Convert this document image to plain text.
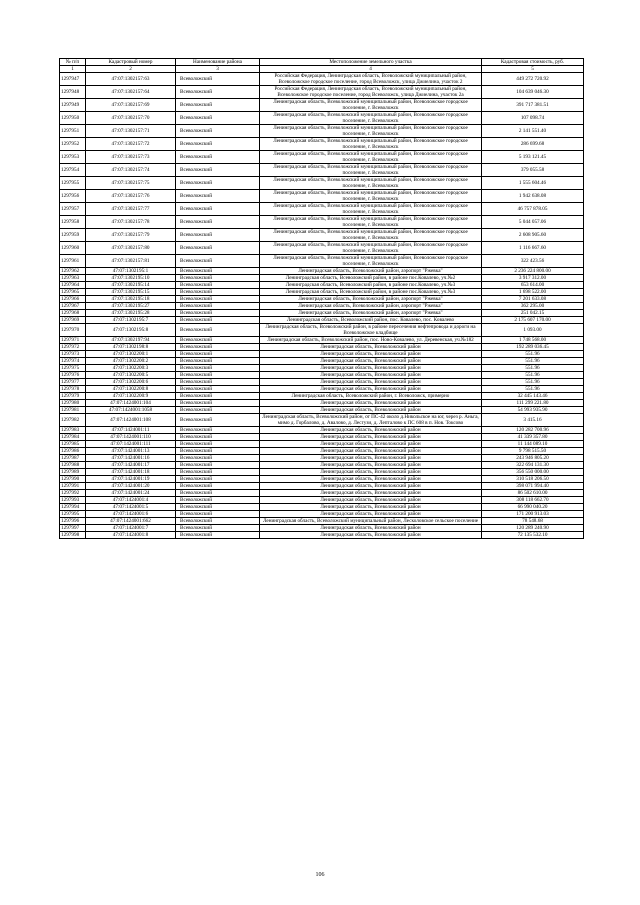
№ п/п	Кадастровый номер	Наименование района	Местоположение земельного участка	Кадастровая стоимость, руб.
1	2	3	4	5
1297947	47:07:1302157:63	Всеволожский	Российская Федерация, Ленинградская область, Всеволожский муниципальный район, Всеволожское городское поселение, город Всеволожск, улица Джиелина, участок 2	449 272 720.92
1297948	47:07:1302157:64	Всеволожский	Российская Федерация, Ленинградская область, Всеволожский муниципальный район, Всеволожское городское поселение, город Всеволожск, улица Джиелина, участок 2а	104 639 046.30
1297949	47:07:1302157:69	Всеволожский	Ленинградская область, Всеволожский муниципальный район, Всеволожское городское поселение, г. Всеволожск	391 717 381.51
1297950	47:07:1302157:70	Всеволожский	Ленинградская область, Всеволожский муниципальный район, Всеволожское городское поселение, г. Всеволожск	107 098.74
1297951	47:07:1302157:71	Всеволожский	Ленинградская область, Всеволожский муниципальный район, Всеволожское городское поселение, г. Всеволожск	2 141 551.40
1297952	47:07:1302157:72	Всеволожский	Ленинградская область, Всеволожский муниципальный район, Всеволожское городское поселение, г. Всеволожск	286 699.68
1297953	47:07:1302157:73	Всеволожский	Ленинградская область, Всеволожский муниципальный район, Всеволожское городское поселение, г. Всеволожск	5 193 121.45
1297954	47:07:1302157:74	Всеволожский	Ленинградская область, Всеволожский муниципальный район, Всеволожское городское поселение, г. Всеволожск	379 055.58
1297955	47:07:1302157:75	Всеволожский	Ленинградская область, Всеволожский муниципальный район, Всеволожское городское поселение, г. Всеволожск	1 555 604.46
1297956	47:07:1302157:76	Всеволожский	Ленинградская область, Всеволожский муниципальный район, Всеволожское городское поселение, г. Всеволожск	1 942 638.08
1297957	47:07:1302157:77	Всеволожский	Ленинградская область, Всеволожский муниципальный район, Всеволожское городское поселение, г. Всеволожск	46 757 878.05
1297958	47:07:1302157:78	Всеволожский	Ленинградская область, Всеволожский муниципальный район, Всеволожское городское поселение, г. Всеволожск	5 044 057.06
1297959	47:07:1302157:79	Всеволожский	Ленинградская область, Всеволожский муниципальный район, Всеволожское городское поселение, г. Всеволожск	2 608 905.60
1297960	47:07:1302157:80	Всеволожский	Ленинградская область, Всеволожский муниципальный район, Всеволожское городское поселение, г. Всеволожск	1 116 667.60
1297961	47:07:1302157:81	Всеволожский	Ленинградская область, Всеволожский муниципальный район, Всеволожское городское поселение, г. Всеволожск	322 423.56
1297962	47:07:1302195:1	Всеволожский	Ленинградская область, Всеволожский район, аэропорт "Ржевка"	2 236 224 800.00
1297963	47:07:1302195:10	Всеволожский	Ленинградская область, Всеволожский район, в районе пос.Ковалево, уч.№2	3 917 312.00
1297964	47:07:1302195:14	Всеволожский	Ленинградская область, Всеволожский район, в районе пос.Ковалево, уч.№3	653 614.00
1297965	47:07:1302195:15	Всеволожский	Ленинградская область, Всеволожский район, в районе пос.Ковалево, уч.№3	1 698 522.00
1297966	47:07:1302195:18	Всеволожский	Ленинградская область, Всеволожский район, аэропорт "Ржевка"	7 201 633.08
1297967	47:07:1302195:27	Всеволожский	Ленинградская область, Всеволожский район, аэропорт "Ржевка"	362 295.00
1297968	47:07:1302195:28	Всеволожский	Ленинградская область, Всеволожский район, аэропорт "Ржевка"	251 042.15
1297969	47:07:1302195:7	Всеволожский	Ленинградская область, Всеволожский район, пос. Ковалево, пос. Ковалево	2 175 607 170.00
1297970	47:07:1302195:8	Всеволожский	Ленинградская область, Всеволожский район, в районе пересечения нефтепровода и дороги на Всеволожское кладбище	1 093.00
1297971	47:07:1302197:94	Всеволожский	Ленинградская область, Всеволожский район, пос. Ново-Ковалево, ул. Деревенская, уч.№182	1 748 568.00
1297972	47:07:1302198:8	Всеволожский	Ленинградская область, Всеволожский район	192 289 036.45
1297973	47:07:1302200:1	Всеволожский	Ленинградская область, Всеволожский район	551.96
1297974	47:07:1302200:2	Всеволожский	Ленинградская область, Всеволожский район	551.96
1297975	47:07:1302200:3	Всеволожский	Ленинградская область, Всеволожский район	551.96
1297976	47:07:1302200:5	Всеволожский	Ленинградская область, Всеволожский район	551.96
1297977	47:07:1302200:6	Всеволожский	Ленинградская область, Всеволожский район	551.96
1297978	47:07:1302200:8	Всеволожский	Ленинградская область, Всеволожский район	551.96
1297979	47:07:1302200:9	Всеволожский	Ленинградская область, Всеволожский район, г. Всеволожск, примерно	32 445 143.46
1297980	47:07:1424001:104	Всеволожский	Ленинградская область, Всеволожский район	111 299 221.80
1297981	47:07:1424001:1058	Всеволожский	Ленинградская область, Всеволожский район	54 993 935.90
1297982	47:07:1424001:108	Всеволожский	Ленинградская область, Всеволожский район, от ПС-42 около д.Никольское на юг, через р. Аньга, мимо д. Горбалово, д. Авалово, д. Лесгузи, д. Лепталово к ПС 608 в п. Нов. Токсово	3 415.16
1297983	47:07:1424001:11	Всеволожский	Ленинградская область, Всеволожский район	120 282 700.96
1297984	47:07:1424001:110	Всеволожский	Ленинградская область, Всеволожский район	41 339 357.80
1297985	47:07:1424001:111	Всеволожский	Ленинградская область, Всеволожский район	11 144 089.10
1297986	47:07:1424001:13	Всеволожский	Ленинградская область, Всеволожский район	9 798 515.50
1297987	47:07:1424001:16	Всеволожский	Ленинградская область, Всеволожский район	243 946 805.20
1297988	47:07:1424001:17	Всеволожский	Ленинградская область, Всеволожский район	322 694 131.30
1297989	47:07:1424001:18	Всеволожский	Ленинградская область, Всеволожский район	356 550 000.00
1297990	47:07:1424001:19	Всеволожский	Ленинградская область, Всеволожский район	310 518 206.50
1297991	47:07:1424001:20	Всеволожский	Ленинградская область, Всеволожский район	398 071 994.40
1297992	47:07:1424001:24	Всеволожский	Ленинградская область, Всеволожский район	86 502 610.00
1297993	47:07:1424001:4	Всеволожский	Ленинградская область, Всеволожский район	308 118 662.70
1297994	47:07:1424001:5	Всеволожский	Ленинградская область, Всеволожский район	66 990 040.20
1297995	47:07:1424001:6	Всеволожский	Ленинградская область, Всеволожский район	171 200 913.03
1297996	47:07:1424001:662	Всеволожский	Ленинградская область, Всеволожский муниципальный район, Лесколовское сельское поселение	78 548.68
1297997	47:07:1424001:7	Всеволожский	Ленинградская область, Всеволожский район	120 289 240.90
1297998	47:07:1424001:8	Всеволожский	Ленинградская область, Всеволожский район	72 135 532.10
106
